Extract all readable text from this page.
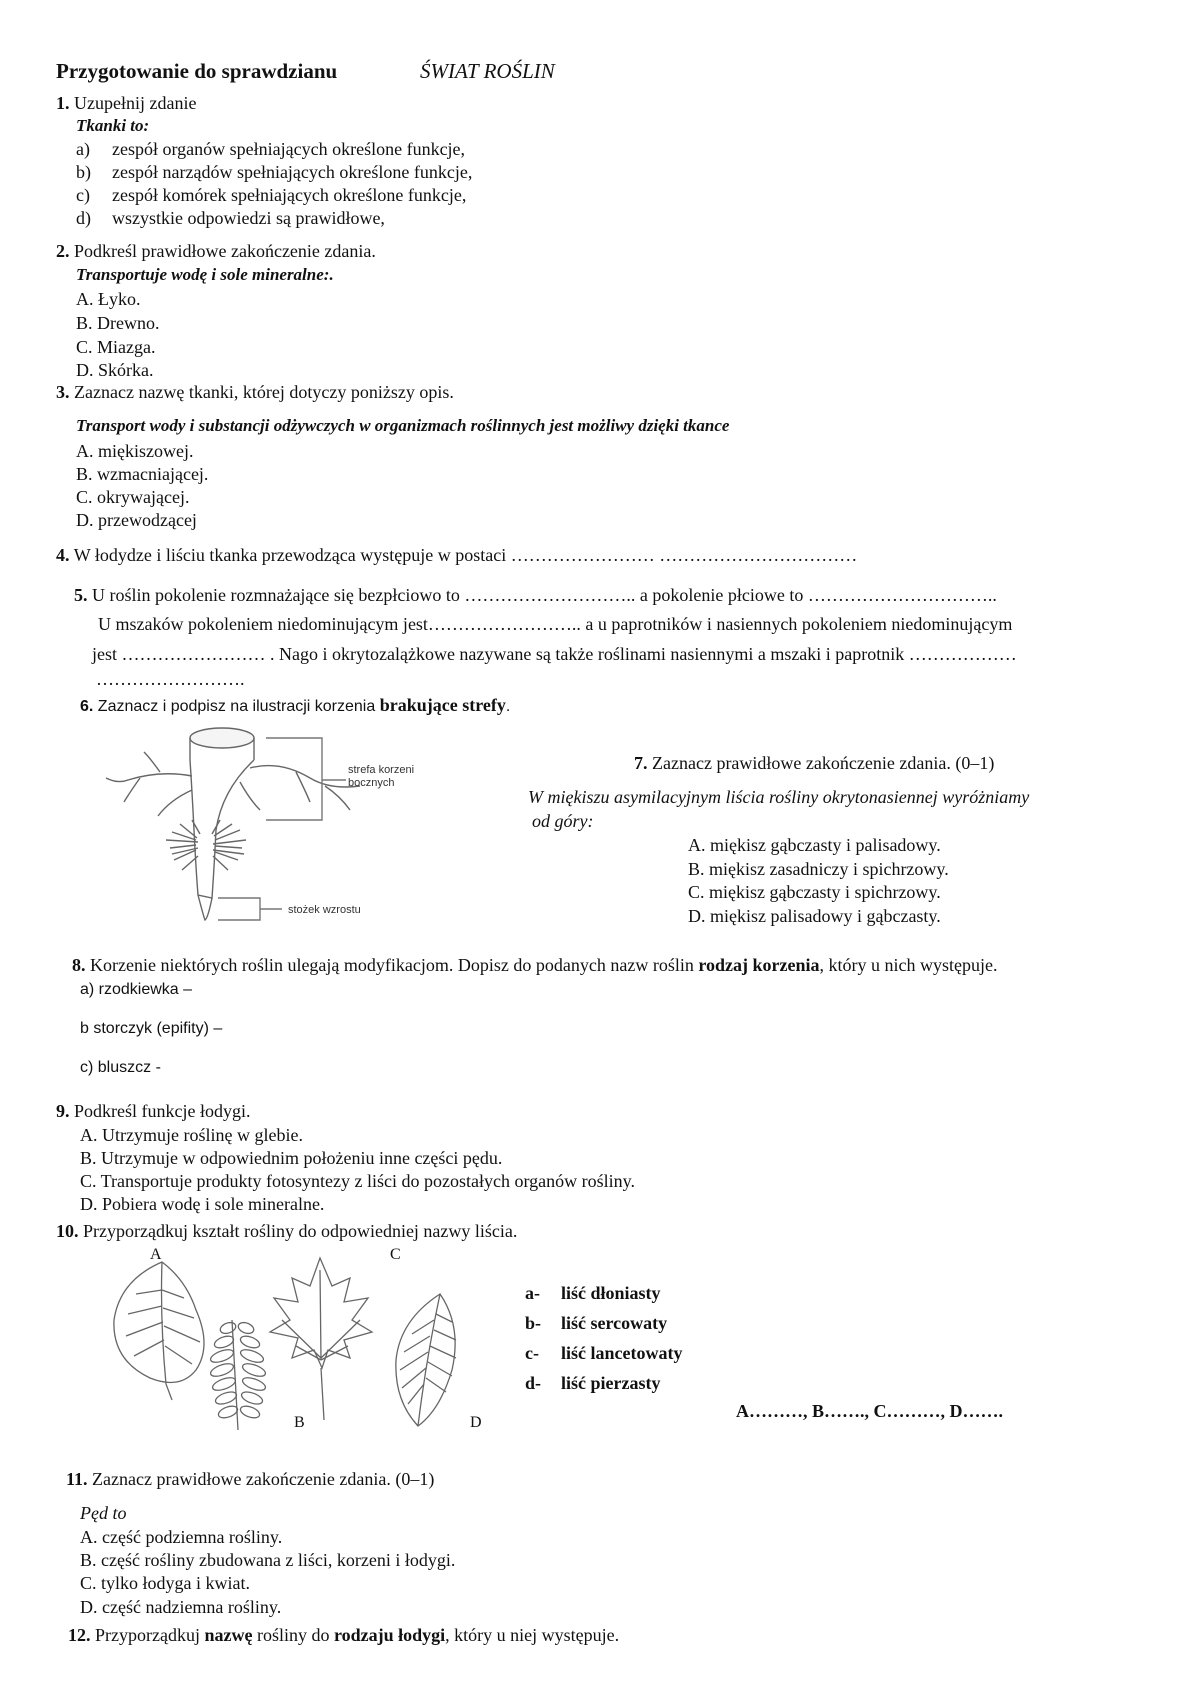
Przygotowanie do sprawdzianu	ŚWIAT ROŚLIN
1. Uzupełnij zdanie
Tkanki to:
a) zespół organów spełniających określone funkcje,
b) zespół narządów spełniających określone funkcje,
c) zespół komórek spełniających określone funkcje,
d) wszystkie odpowiedzi są prawidłowe,
2. Podkreśl prawidłowe zakończenie zdania.
Transportuje wodę i sole mineralne:.
A. Łyko.
B. Drewno.
C. Miazga.
D. Skórka.
3. Zaznacz nazwę tkanki, której dotyczy poniższy opis.
Transport wody i substancji odżywczych w organizmach roślinnych jest możliwy dzięki tkance
A. miękiszowej.
B. wzmacniającej.
C. okrywającej.
D. przewodzącej
4. W łodydze i liściu tkanka przewodząca występuje w postaci …………………… ……………………………
5. U roślin pokolenie rozmnażające się bezpłciowo to ……………………….. a pokolenie płciowe to …………………………..
U mszaków pokoleniem niedominującym jest…………………….. a u paprotników i nasiennych pokoleniem niedominującym
jest …………………… . Nago i okrytozalążkowe nazywane są także roślinami nasiennymi a mszaki i paprotnik ………………
…………………….
6. Zaznacz i podpisz na ilustracji korzenia brakujące strefy.
strefa korzeni bocznych
stożek wzrostu
7. Zaznacz prawidłowe zakończenie zdania. (0–1)
W miękiszu asymilacyjnym liścia rośliny okrytonasiennej wyróżniamy
od góry:
A. miękisz gąbczasty i palisadowy.
B. miękisz zasadniczy i spichrzowy.
C. miękisz gąbczasty i spichrzowy.
D. miękisz palisadowy i gąbczasty.
8. Korzenie niektórych roślin ulegają modyfikacjom. Dopisz do podanych nazw roślin rodzaj korzenia, który u nich występuje.
a) rzodkiewka –
b storczyk (epifity) –
c) bluszcz -
9. Podkreśl funkcje łodygi.
A. Utrzymuje roślinę w glebie.
B. Utrzymuje w odpowiednim położeniu inne części pędu.
C. Transportuje produkty fotosyntezy z liści do pozostałych organów rośliny.
D. Pobiera wodę i sole mineralne.
10. Przyporządkuj kształt rośliny do odpowiedniej nazwy liścia.
A
B
C
D
a- liść dłoniasty
b- liść sercowaty
c- liść lancetowaty
d- liść pierzasty
A………, B……., C………, D…….
11. Zaznacz prawidłowe zakończenie zdania. (0–1)
Pęd to
A. część podziemna rośliny.
B. część rośliny zbudowana z liści, korzeni i łodygi.
C. tylko łodyga i kwiat.
D. część nadziemna rośliny.
12. Przyporządkuj nazwę rośliny do rodzaju łodygi, który u niej występuje.
